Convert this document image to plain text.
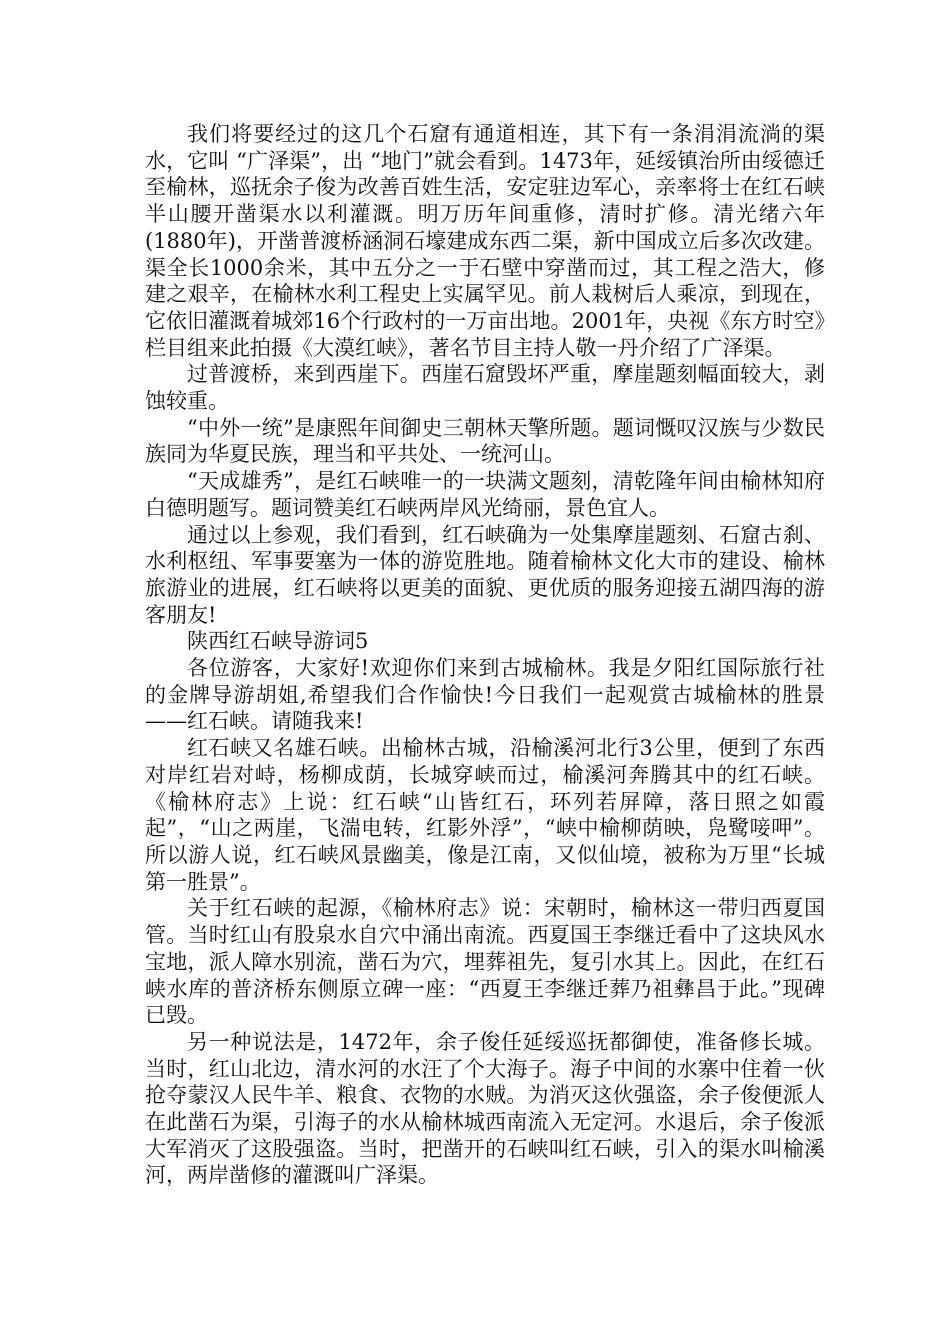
我们将要经过的这几个石窟有通道相连，其下有一条涓涓流淌的渠水，它叫 “广泽渠”，出 “地门”就会看到。1473年，延绥镇治所由绥德迁至榆林，巡抚余子俊为改善百姓生活，安定驻边军心，亲率将士在红石峡半山腰开凿渠水以利灌溉。明万历年间重修，清时扩修。清光绪六年(1880年)，开凿普渡桥涵洞石壕建成东西二渠，新中国成立后多次改建。渠全长1000余米，其中五分之一于石壁中穿凿而过，其工程之浩大，修建之艰辛，在榆林水利工程史上实属罕见。前人栽树后人乘凉，到现在，它依旧灌溉着城郊16个行政村的一万亩出地。2001年，央视《东方时空》栏目组来此拍摄《大漠红峡》，著名节目主持人敬一丹介绍了广泽渠。

过普渡桥，来到西崖下。西崖石窟毁坏严重，摩崖题刻幅面较大，剥蚀较重。

“中外一统”是康熙年间御史三朝林天擎所题。题词慨叹汉族与少数民族同为华夏民族，理当和平共处、一统河山。

“天成雄秀”，是红石峡唯一的一块满文题刻，清乾隆年间由榆林知府白德明题写。题词赞美红石峡两岸风光绮丽，景色宜人。

通过以上参观，我们看到，红石峡确为一处集摩崖题刻、石窟古刹、水利枢纽、军事要塞为一体的游览胜地。随着榆林文化大市的建设、榆林旅游业的进展，红石峡将以更美的面貌、更优质的服务迎接五湖四海的游客朋友!

陕西红石峡导游词5

各位游客，大家好!欢迎你们来到古城榆林。我是夕阳红国际旅行社的金牌导游胡姐,希望我们合作愉快!今日我们一起观赏古城榆林的胜景——红石峡。请随我来!

红石峡又名雄石峡。出榆林古城，沿榆溪河北行3公里，便到了东西对岸红岩对峙，杨柳成荫，长城穿峡而过，榆溪河奔腾其中的红石峡。《榆林府志》上说：红石峡“山皆红石，环列若屏障，落日照之如霞起”，“山之两崖，飞湍电转，红影外浮”，“峡中榆柳荫映，凫鹭唼呷”。所以游人说，红石峡风景幽美，像是江南，又似仙境，被称为万里“长城第一胜景”。

关于红石峡的起源，《榆林府志》说：宋朝时，榆林这一带归西夏国管。当时红山有股泉水自穴中涌出南流。西夏国王李继迁看中了这块风水宝地，派人障水别流，凿石为穴，埋葬祖先，复引水其上。因此，在红石峡水库的普济桥东侧原立碑一座：“西夏王李继迁葬乃祖彝昌于此。”现碑已毁。

另一种说法是，1472年，余子俊任延绥巡抚都御使，准备修长城。当时，红山北边，清水河的水汪了个大海子。海子中间的水寨中住着一伙抢夺蒙汉人民牛羊、粮食、衣物的水贼。为消灭这伙强盗，余子俊便派人在此凿石为渠，引海子的水从榆林城西南流入无定河。水退后，余子俊派大军消灭了这股强盗。当时，把凿开的石峡叫红石峡，引入的渠水叫榆溪河，两岸凿修的灌溉叫广泽渠。
